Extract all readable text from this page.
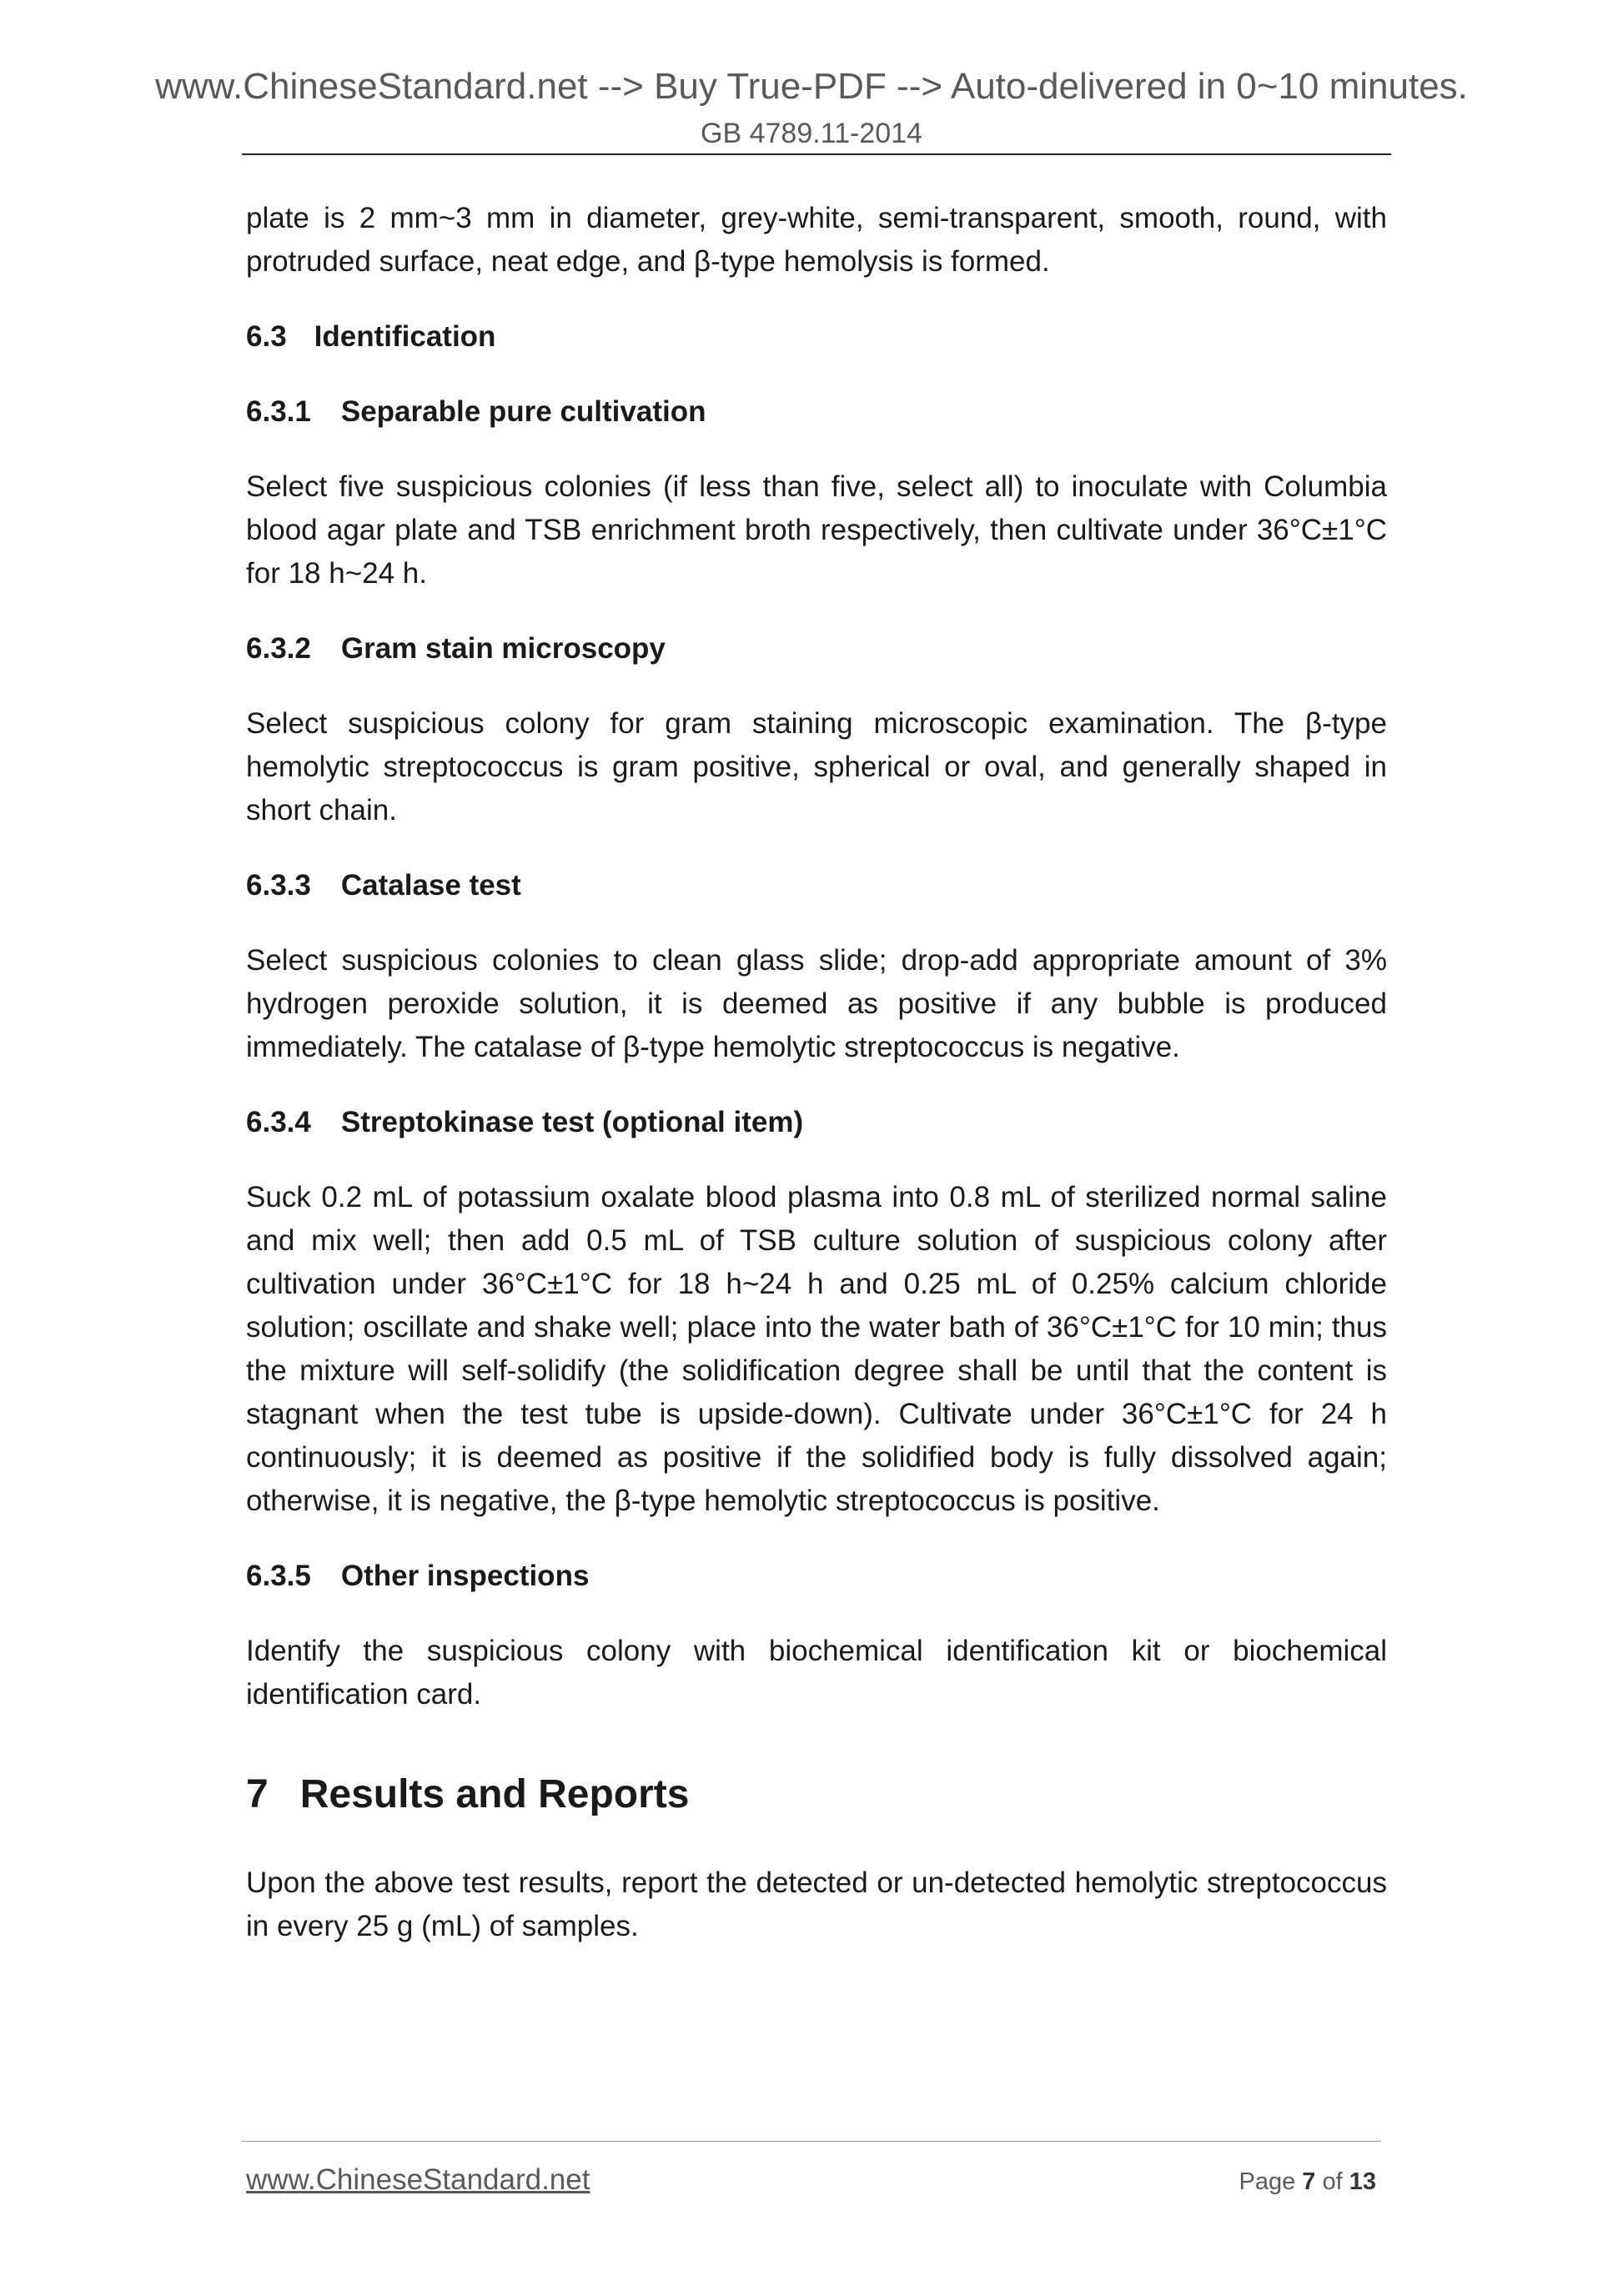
www.ChineseStandard.net --> Buy True-PDF --> Auto-delivered in 0~10 minutes.
GB 4789.11-2014

plate is 2 mm~3 mm in diameter, grey-white, semi-transparent, smooth, round, with protruded surface, neat edge, and β-type hemolysis is formed.

6.3 Identification
6.3.1 Separable pure cultivation

Select five suspicious colonies (if less than five, select all) to inoculate with Columbia blood agar plate and TSB enrichment broth respectively, then cultivate under 36°C±1°C for 18 h~24 h.

6.3.2 Gram stain microscopy

Select suspicious colony for gram staining microscopic examination. The β-type hemolytic streptococcus is gram positive, spherical or oval, and generally shaped in short chain.

6.3.3 Catalase test

Select suspicious colonies to clean glass slide; drop-add appropriate amount of 3% hydrogen peroxide solution, it is deemed as positive if any bubble is produced immediately. The catalase of β-type hemolytic streptococcus is negative.

6.3.4 Streptokinase test (optional item)

Suck 0.2 mL of potassium oxalate blood plasma into 0.8 mL of sterilized normal saline and mix well; then add 0.5 mL of TSB culture solution of suspicious colony after cultivation under 36°C±1°C for 18 h~24 h and 0.25 mL of 0.25% calcium chloride solution; oscillate and shake well; place into the water bath of 36°C±1°C for 10 min; thus the mixture will self-solidify (the solidification degree shall be until that the content is stagnant when the test tube is upside-down). Cultivate under 36°C±1°C for 24 h continuously; it is deemed as positive if the solidified body is fully dissolved again; otherwise, it is negative, the β-type hemolytic streptococcus is positive.

6.3.5 Other inspections

Identify the suspicious colony with biochemical identification kit or biochemical identification card.

7 Results and Reports

Upon the above test results, report the detected or un-detected hemolytic streptococcus in every 25 g (mL) of samples.

www.ChineseStandard.net	Page 7 of 13
